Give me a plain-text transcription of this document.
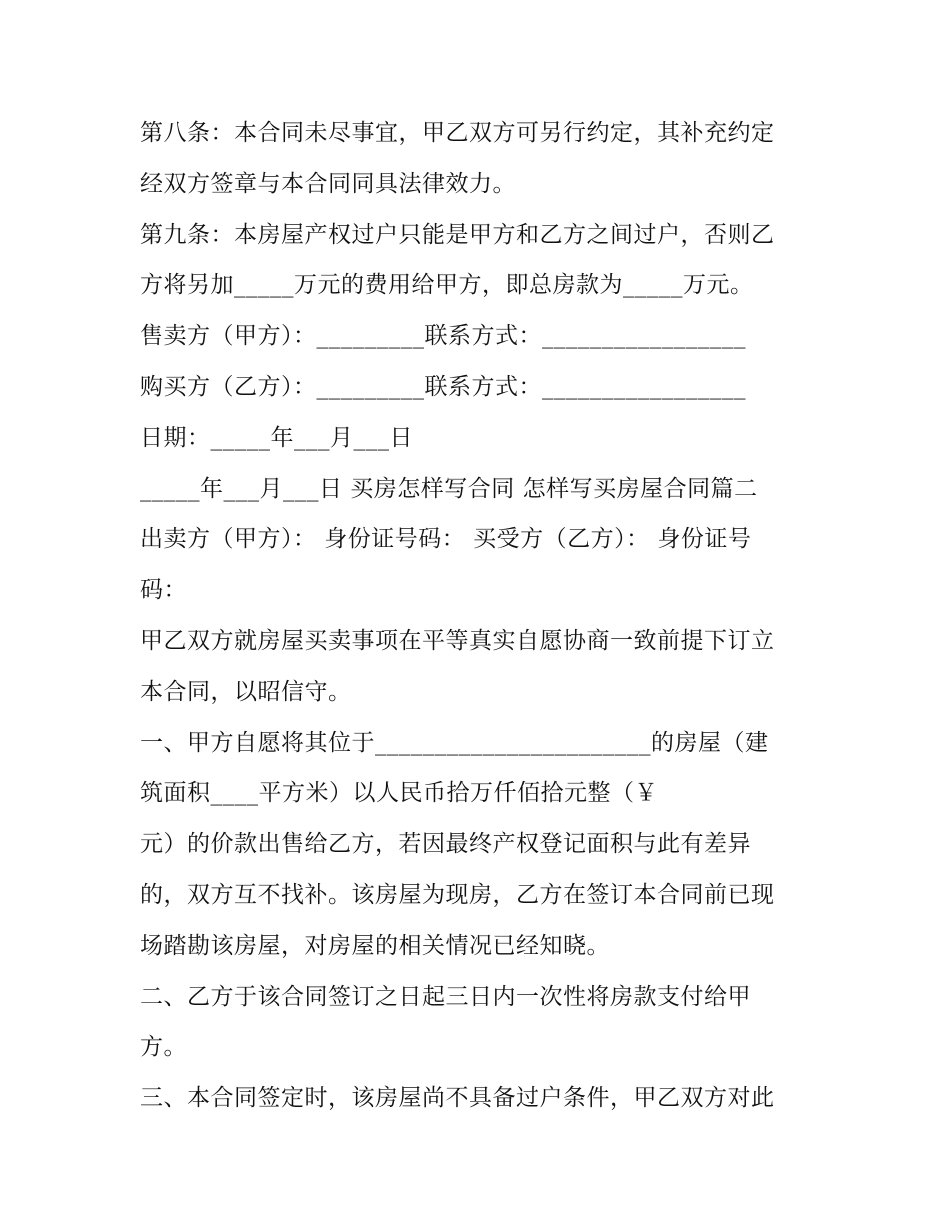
第八条：本合同未尽事宜，甲乙双方可另行约定，其补充约定
经双方签章与本合同同具法律效力。
第九条：本房屋产权过户只能是甲方和乙方之间过户，否则乙
方将另加_____万元的费用给甲方，即总房款为_____万元。
售卖方（甲方）：_________联系方式：_________________
购买方（乙方）：_________联系方式：_________________
日期：_____年___月___日
_____年___月___日 买房怎样写合同 怎样写买房屋合同篇二
出卖方（甲方）： 身份证号码： 买受方（乙方）： 身份证号
码：
甲乙双方就房屋买卖事项在平等真实自愿协商一致前提下订立
本合同，以昭信守。
一、甲方自愿将其位于_______________________的房屋（建
筑面积____平方米）以人民币拾万仟佰拾元整（￥
元）的价款出售给乙方，若因最终产权登记面积与此有差异
的，双方互不找补。该房屋为现房，乙方在签订本合同前已现
场踏勘该房屋，对房屋的相关情况已经知晓。
二、乙方于该合同签订之日起三日内一次性将房款支付给甲
方。
三、本合同签定时，该房屋尚不具备过户条件，甲乙双方对此
